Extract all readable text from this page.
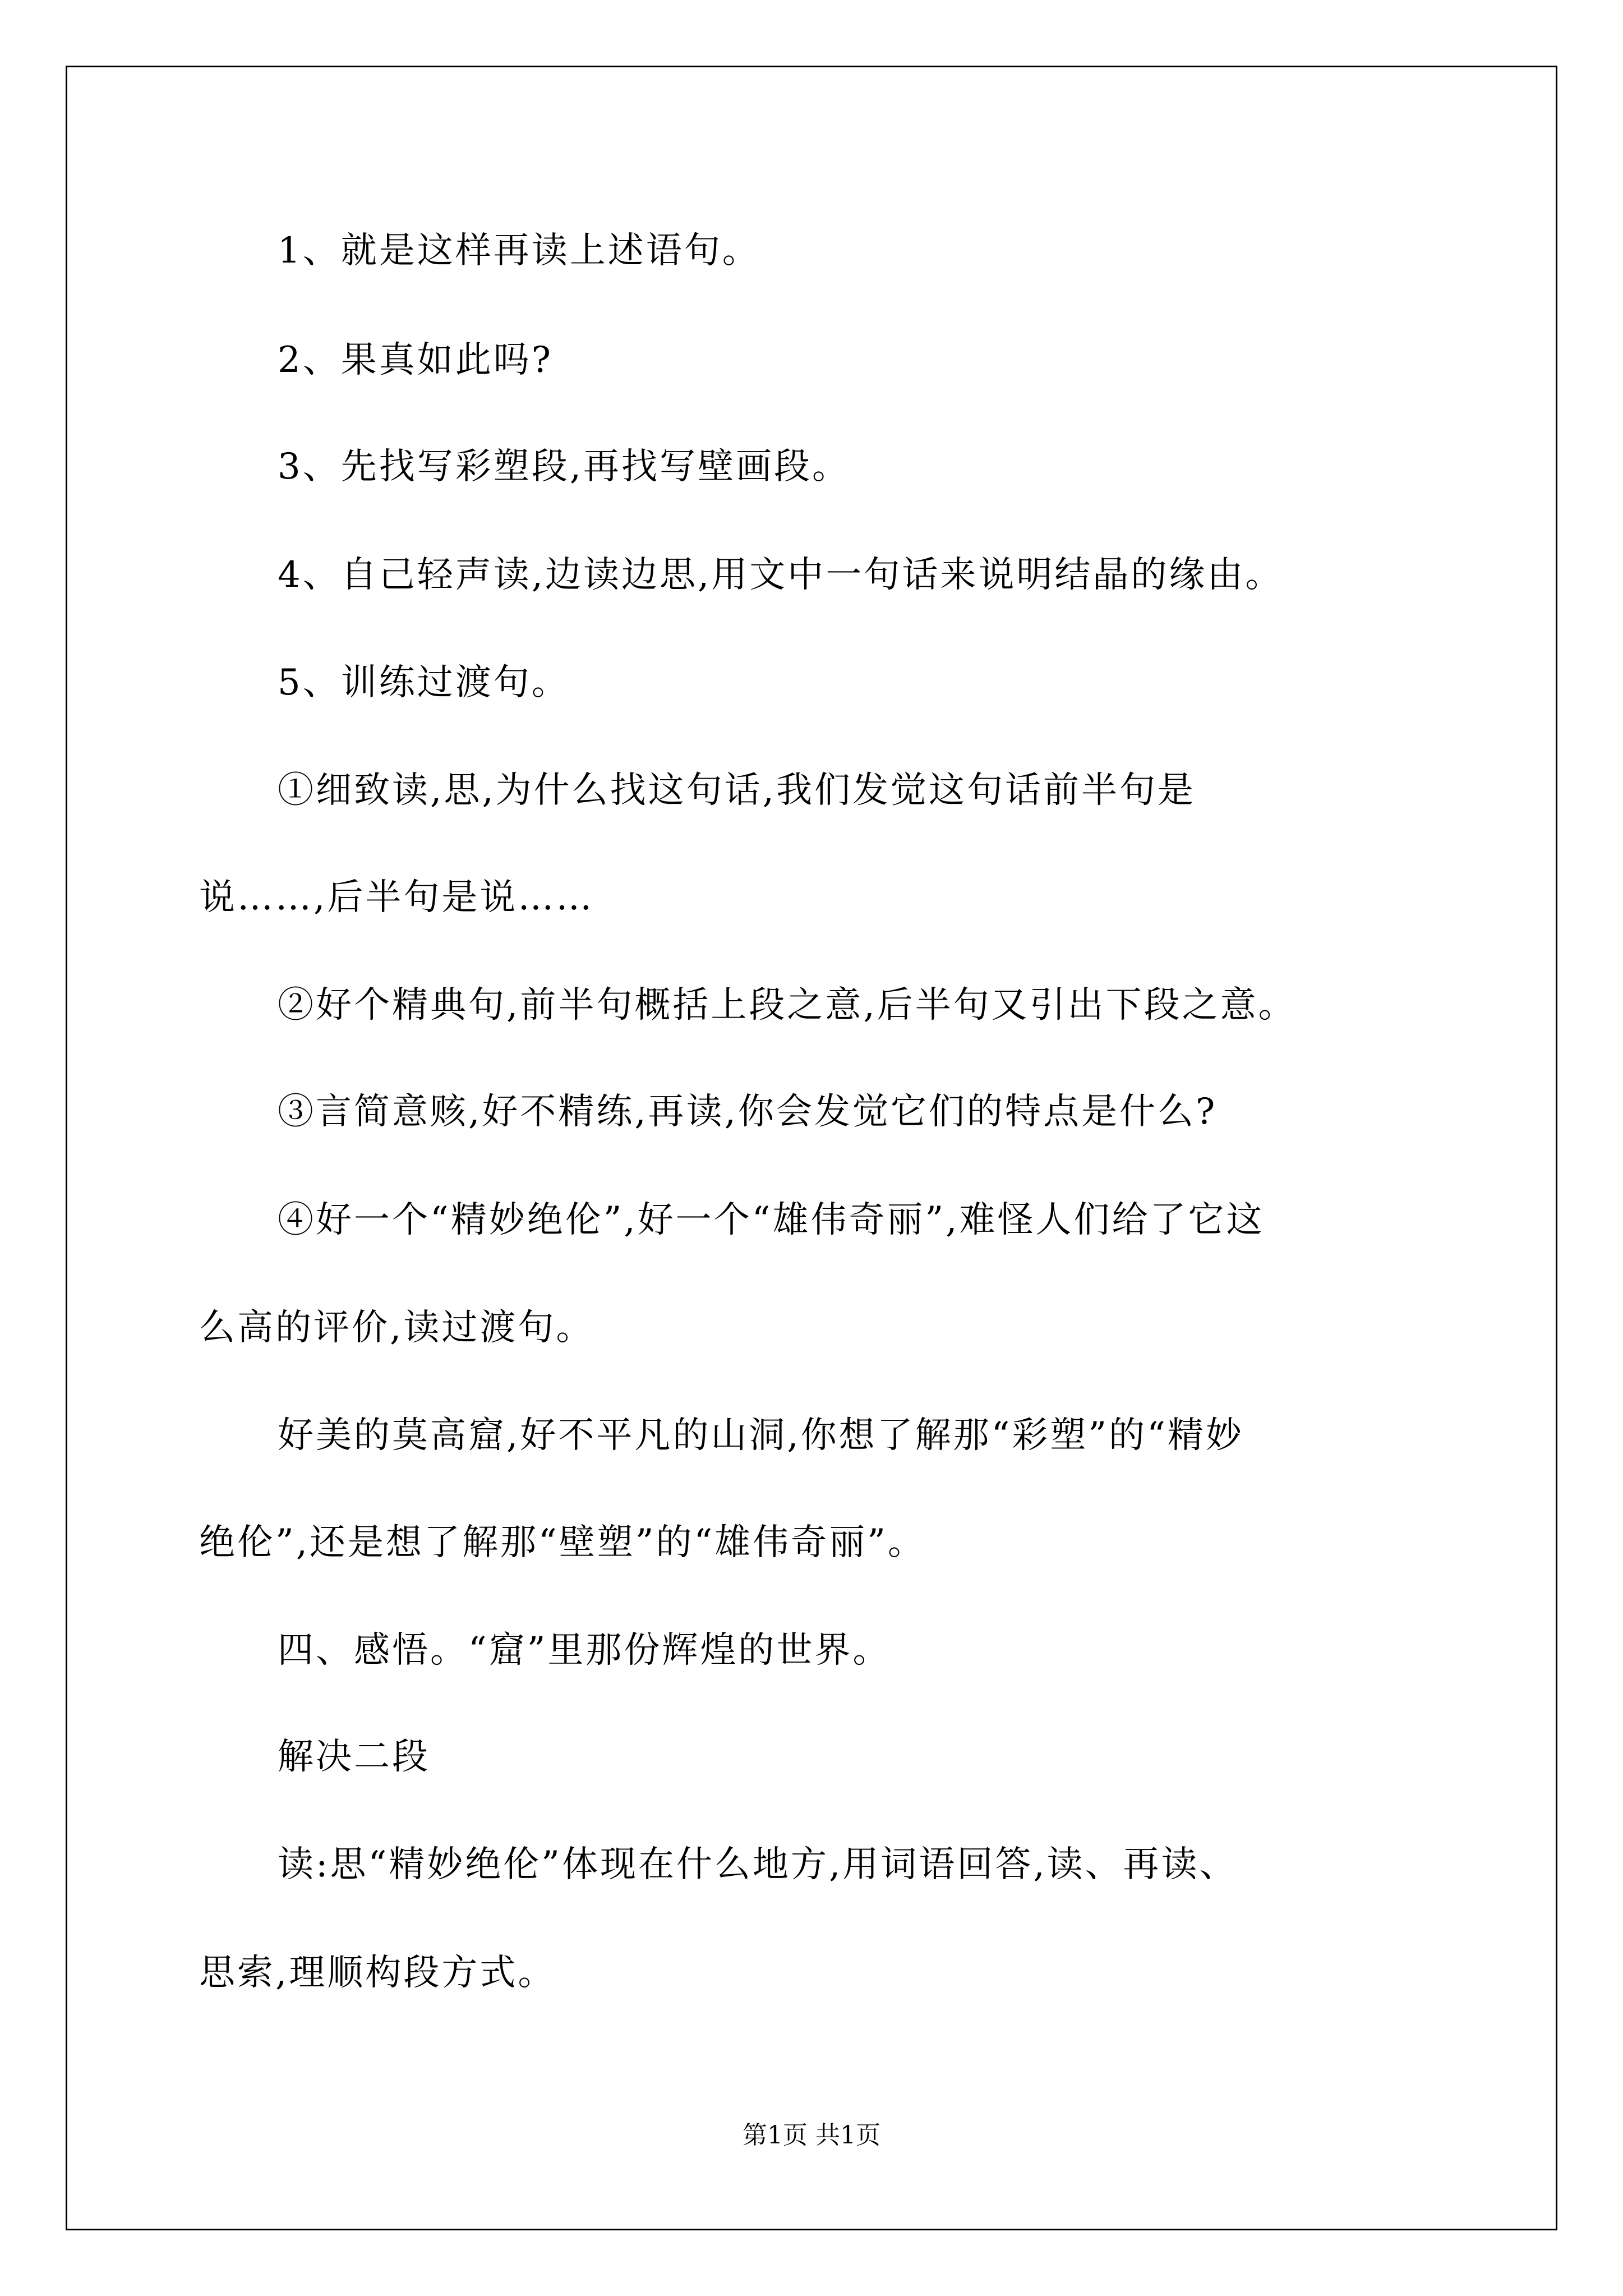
1、就是这样再读上述语句。
2、果真如此吗?
3、先找写彩塑段,再找写壁画段。
4、自己轻声读,边读边思,用文中一句话来说明结晶的缘由。
5、训练过渡句。
①细致读,思,为什么找这句话,我们发觉这句话前半句是
说……,后半句是说……
②好个精典句,前半句概括上段之意,后半句又引出下段之意。
③言简意赅,好不精练,再读,你会发觉它们的特点是什么?
④好一个“精妙绝伦”,好一个“雄伟奇丽”,难怪人们给了它这
么高的评价,读过渡句。
好美的莫高窟,好不平凡的山洞,你想了解那“彩塑”的“精妙
绝伦”,还是想了解那“壁塑”的“雄伟奇丽”。
四、感悟。“窟”里那份辉煌的世界。
解决二段
读:思“精妙绝伦”体现在什么地方,用词语回答,读、再读、
思索,理顺构段方式。
第1页 共1页
